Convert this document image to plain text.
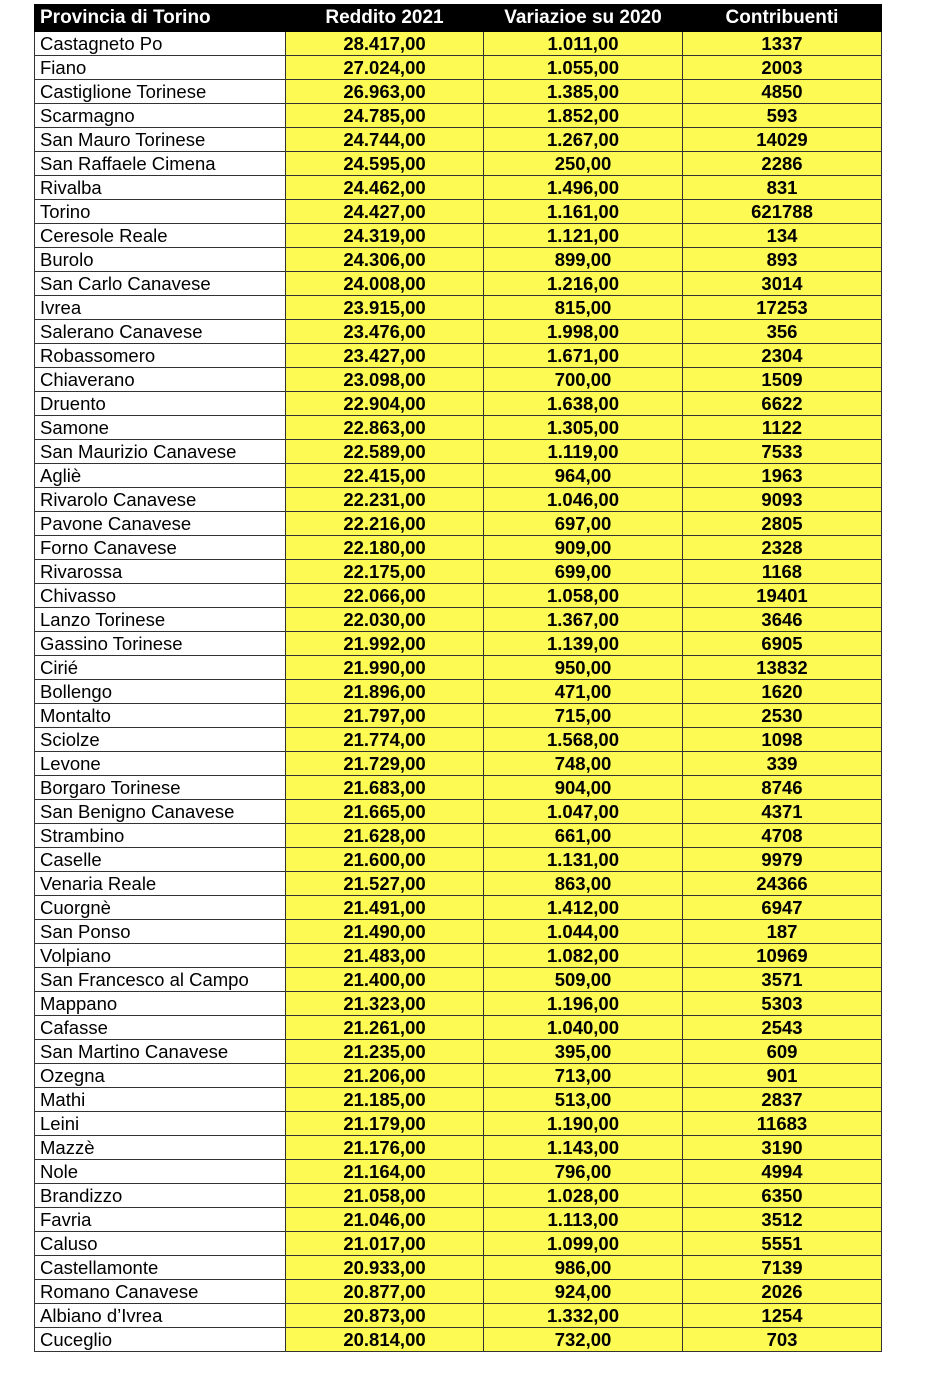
Provincia di Torino	Reddito 2021	Variazioe su 2020	Contribuenti
Castagneto Po	28.417,00	1.011,00	1337
Fiano	27.024,00	1.055,00	2003
Castiglione Torinese	26.963,00	1.385,00	4850
Scarmagno	24.785,00	1.852,00	593
San Mauro Torinese	24.744,00	1.267,00	14029
San Raffaele Cimena	24.595,00	250,00	2286
Rivalba	24.462,00	1.496,00	831
Torino	24.427,00	1.161,00	621788
Ceresole Reale	24.319,00	1.121,00	134
Burolo	24.306,00	899,00	893
San Carlo Canavese	24.008,00	1.216,00	3014
Ivrea	23.915,00	815,00	17253
Salerano Canavese	23.476,00	1.998,00	356
Robassomero	23.427,00	1.671,00	2304
Chiaverano	23.098,00	700,00	1509
Druento	22.904,00	1.638,00	6622
Samone	22.863,00	1.305,00	1122
San Maurizio Canavese	22.589,00	1.119,00	7533
Agliè	22.415,00	964,00	1963
Rivarolo Canavese	22.231,00	1.046,00	9093
Pavone Canavese	22.216,00	697,00	2805
Forno Canavese	22.180,00	909,00	2328
Rivarossa	22.175,00	699,00	1168
Chivasso	22.066,00	1.058,00	19401
Lanzo Torinese	22.030,00	1.367,00	3646
Gassino Torinese	21.992,00	1.139,00	6905
Cirié	21.990,00	950,00	13832
Bollengo	21.896,00	471,00	1620
Montalto	21.797,00	715,00	2530
Sciolze	21.774,00	1.568,00	1098
Levone	21.729,00	748,00	339
Borgaro Torinese	21.683,00	904,00	8746
San Benigno Canavese	21.665,00	1.047,00	4371
Strambino	21.628,00	661,00	4708
Caselle	21.600,00	1.131,00	9979
Venaria Reale	21.527,00	863,00	24366
Cuorgnè	21.491,00	1.412,00	6947
San Ponso	21.490,00	1.044,00	187
Volpiano	21.483,00	1.082,00	10969
San Francesco al Campo	21.400,00	509,00	3571
Mappano	21.323,00	1.196,00	5303
Cafasse	21.261,00	1.040,00	2543
San Martino Canavese	21.235,00	395,00	609
Ozegna	21.206,00	713,00	901
Mathi	21.185,00	513,00	2837
Leini	21.179,00	1.190,00	11683
Mazzè	21.176,00	1.143,00	3190
Nole	21.164,00	796,00	4994
Brandizzo	21.058,00	1.028,00	6350
Favria	21.046,00	1.113,00	3512
Caluso	21.017,00	1.099,00	5551
Castellamonte	20.933,00	986,00	7139
Romano Canavese	20.877,00	924,00	2026
Albiano d’Ivrea	20.873,00	1.332,00	1254
Cuceglio	20.814,00	732,00	703
